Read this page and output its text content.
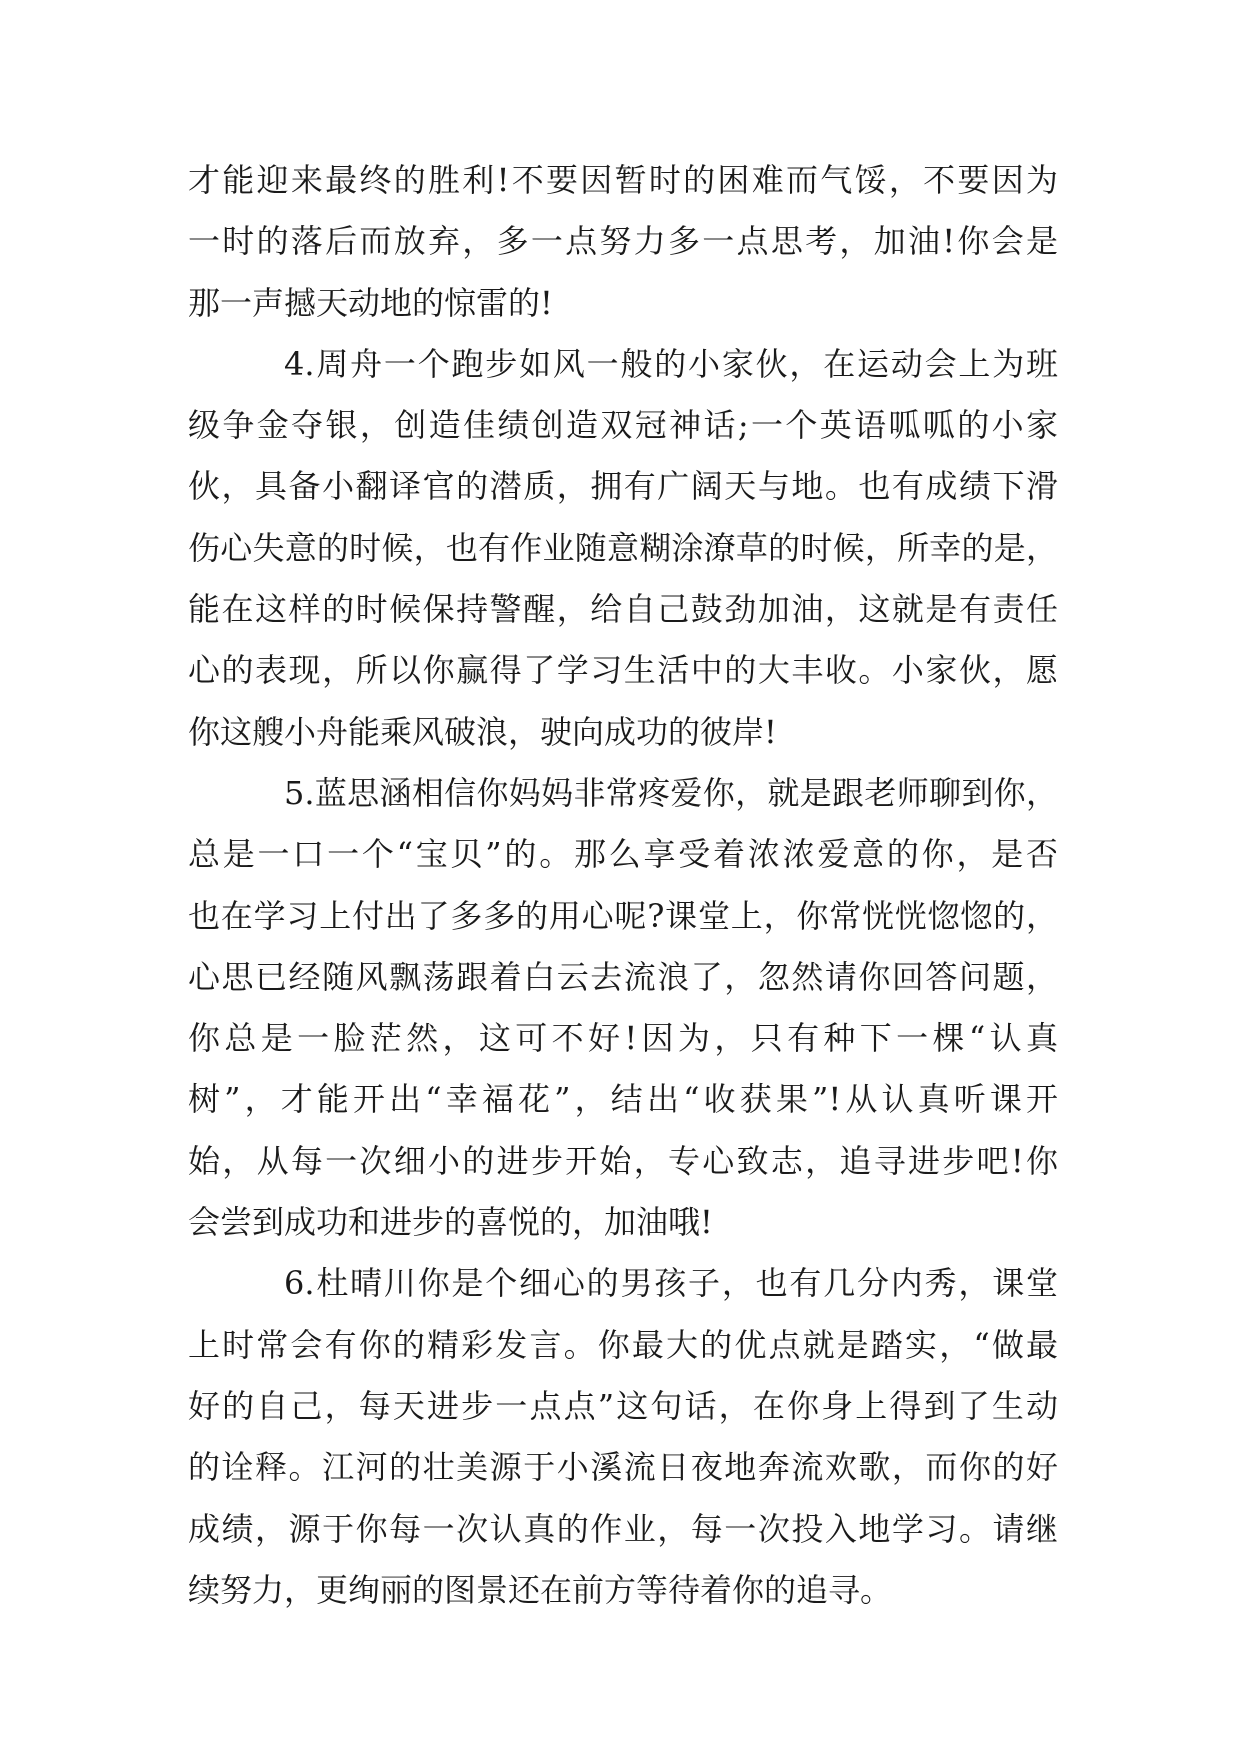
才能迎来最终的胜利!不要因暂时的困难而气馁，不要因为
一时的落后而放弃，多一点努力多一点思考，加油!你会是
那一声撼天动地的惊雷的!
4.周舟一个跑步如风一般的小家伙，在运动会上为班
级争金夺银，创造佳绩创造双冠神话;一个英语呱呱的小家
伙，具备小翻译官的潜质，拥有广阔天与地。也有成绩下滑
伤心失意的时候，也有作业随意糊涂潦草的时候，所幸的是，
能在这样的时候保持警醒，给自己鼓劲加油，这就是有责任
心的表现，所以你赢得了学习生活中的大丰收。小家伙，愿
你这艘小舟能乘风破浪，驶向成功的彼岸!
5.蓝思涵相信你妈妈非常疼爱你，就是跟老师聊到你，
总是一口一个“宝贝”的。那么享受着浓浓爱意的你，是否
也在学习上付出了多多的用心呢?课堂上，你常恍恍惚惚的，
心思已经随风飘荡跟着白云去流浪了，忽然请你回答问题，
你总是一脸茫然，这可不好!因为，只有种下一棵“认真
树”，才能开出“幸福花”，结出“收获果”!从认真听课开
始，从每一次细小的进步开始，专心致志，追寻进步吧!你
会尝到成功和进步的喜悦的，加油哦!
6.杜晴川你是个细心的男孩子，也有几分内秀，课堂
上时常会有你的精彩发言。你最大的优点就是踏实，“做最
好的自己，每天进步一点点”这句话，在你身上得到了生动
的诠释。江河的壮美源于小溪流日夜地奔流欢歌，而你的好
成绩，源于你每一次认真的作业，每一次投入地学习。请继
续努力，更绚丽的图景还在前方等待着你的追寻。
